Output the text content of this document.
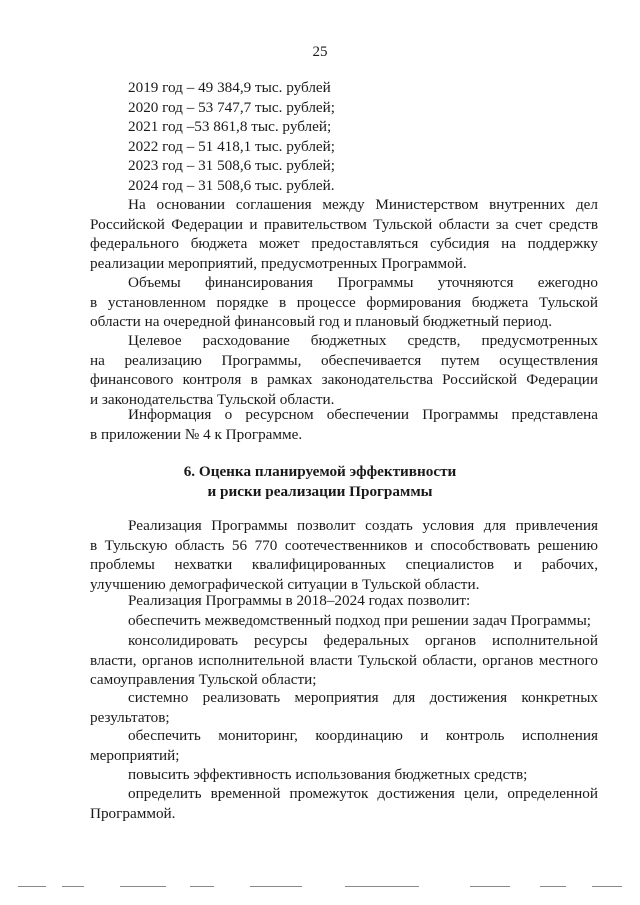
25
2019 год – 49 384,9 тыс. рублей
2020 год – 53 747,7 тыс. рублей;
2021 год –53 861,8 тыс. рублей;
2022 год – 51 418,1 тыс. рублей;
2023 год – 31 508,6 тыс. рублей;
2024 год – 31 508,6 тыс. рублей.
На основании соглашения между Министерством внутренних дел
Российской Федерации и правительством Тульской области за счет средств
федерального бюджета может предоставляться субсидия на поддержку
реализации мероприятий, предусмотренных Программой.
Объемы финансирования Программы уточняются ежегодно
в установленном порядке в процессе формирования бюджета Тульской
области на очередной финансовый год и плановый бюджетный период.
Целевое расходование бюджетных средств, предусмотренных
на реализацию Программы, обеспечивается путем осуществления
финансового контроля в рамках законодательства Российской Федерации
и законодательства Тульской области.
Информация о ресурсном обеспечении Программы представлена
в приложении № 4 к Программе.
6. Оценка планируемой эффективности
и риски реализации Программы
Реализация Программы позволит создать условия для привлечения
в Тульскую область 56 770 соотечественников и способствовать решению
проблемы нехватки квалифицированных специалистов и рабочих,
улучшению демографической ситуации в Тульской области.
Реализация Программы в 2018–2024 годах позволит:
обеспечить межведомственный подход при решении задач Программы;
консолидировать ресурсы федеральных органов исполнительной
власти, органов исполнительной власти Тульской области, органов местного
самоуправления Тульской области;
системно реализовать мероприятия для достижения конкретных
результатов;
обеспечить мониторинг, координацию и контроль исполнения
мероприятий;
повысить эффективность использования бюджетных средств;
определить временной промежуток достижения цели, определенной
Программой.
